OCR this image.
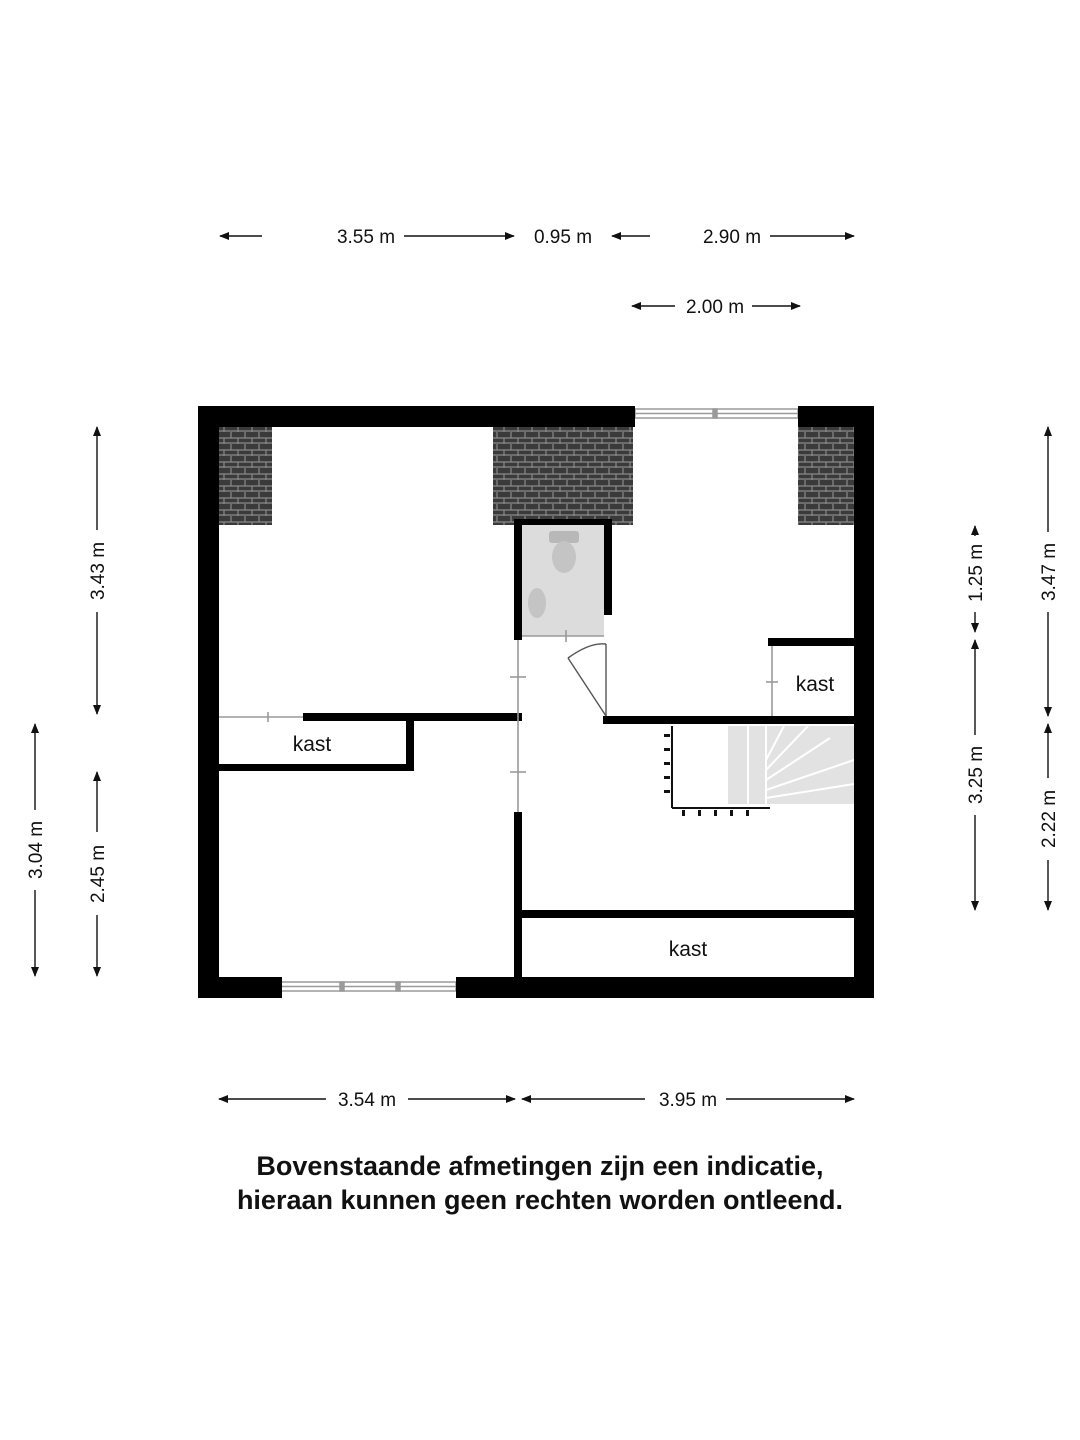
3.55 m	0.95 m	2.90 m
2.00 m
3.54 m	3.95 m
3.04 m
3.43 m
2.45 m
1.25 m
3.25 m
3.47 m
2.22 m
kast
kast
kast
Bovenstaande afmetingen zijn een indicatie,
hieraan kunnen geen rechten worden ontleend.
